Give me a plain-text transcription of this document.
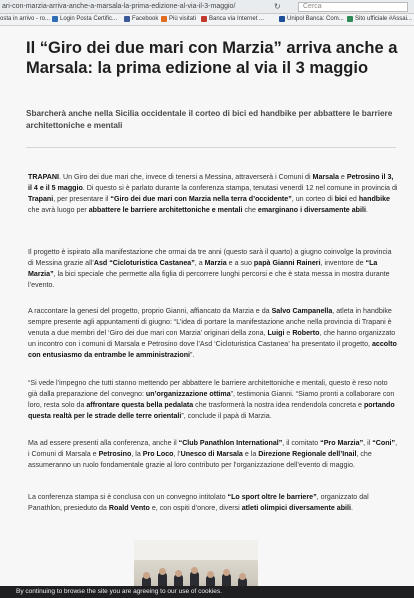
ari-con-marzia-arriva-anche-a-marsala-la-prima-edizione-al-via-il-3-maggio/	↻	Cerca
osta in arrivo - ro... Login Posta Certific... Facebook Più visitati Banca via Internet ...	Unipol Banca: Com... Sito ufficiale #Assai...
Il “Giro dei due mari con Marzia” arriva anche a Marsala: la prima edizione al via il 3 maggio

Sbarcherà anche nella Sicilia occidentale il corteo di bici ed handbike per abbattere le barriere architettoniche e mentali

TRAPANI. Un Giro dei due mari che, invece di tenersi a Messina, attraverserà i Comuni di Marsala e Petrosino il 3, il 4 e il 5 maggio. Di questo si è parlato durante la conferenza stampa, tenutasi venerdì 12 nel comune in provincia di Trapani, per presentare il “Giro dei due mari con Marzia nella terra d’occidente”, un corteo di bici ed handbike che avrà luogo per abbattere le barriere architettoniche e mentali che emarginano i diversamente abili.

Il progetto è ispirato alla manifestazione che ormai da tre anni (questo sarà il quarto) a giugno coinvolge la provincia di Messina grazie all’Asd “Cicloturistica Castanea”, a Marzia e a suo papà Gianni Raineri, inventore de “La Marzia”, la bici speciale che permette alla figlia di percorrere lunghi percorsi e che è stata messa in mostra durante l’evento.

A raccontare la genesi del progetto, proprio Gianni, affiancato da Marzia e da Salvo Campanella, atleta in handbike sempre presente agli appuntamenti di giugno: “L’idea di portare la manifestazione anche nella provincia di Trapani è venuta a due membri del ‘Giro dei due mari con Marzia’ originari della zona, Luigi e Roberto, che hanno organizzato un incontro con i comuni di Marsala e Petrosino dove l’Asd ‘Cicloturistica Castanea’ ha presentato il progetto, accolto con entusiasmo da entrambe le amministrazioni”.

“Si vede l’impegno che tutti stanno mettendo per abbattere le barriere architettoniche e mentali, questo è reso noto già dalla preparazione del convegno: un’organizzazione ottima”, testimonia Gianni. “Siamo pronti a collaborare con loro, resta solo da affrontare questa bella pedalata che trasformerà la nostra idea rendendola concreta e portando questa realtà per le strade delle terre orientali”, conclude il papà di Marzia.

Ma ad essere presenti alla conferenza, anche il “Club Panathlon International”, il comitato “Pro Marzia”, il “Coni”, i Comuni di Marsala e Petrosino, la Pro Loco, l’Unesco di Marsala e la Direzione Regionale dell’Inail, che assumeranno un ruolo fondamentale grazie al loro contributo per l’organizzazione dell’evento di maggio.

La conferenza stampa si è conclusa con un convegno intitolato “Lo sport oltre le barriere”, organizzato dal Panathlon, presieduto da Roald Vento e, con ospiti d’onore, diversi atleti olimpici diversamente abili.

By continuing to browse the site you are agreeing to our use of cookies.
